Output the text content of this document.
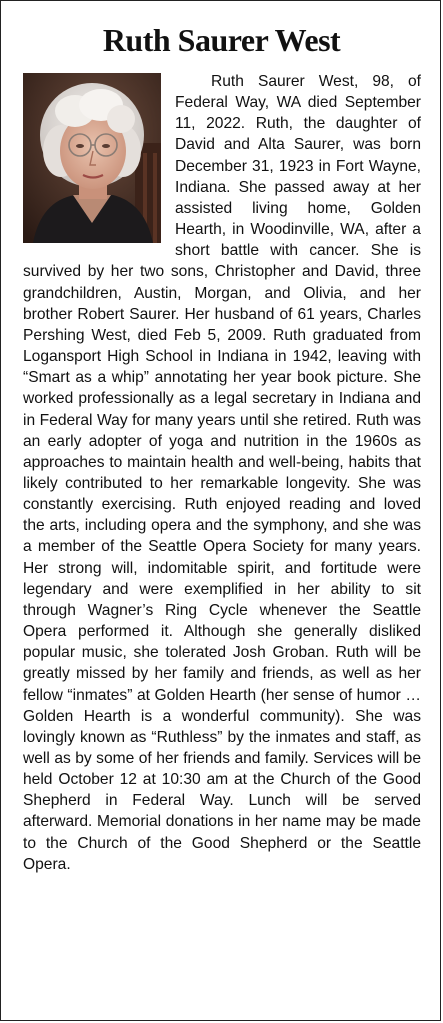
Ruth Saurer West
Ruth Saurer West, 98, of Federal Way, WA died September 11, 2022. Ruth, the daughter of David and Alta Saurer, was born December 31, 1923 in Fort Wayne, Indiana. She passed away at her assisted living home, Golden Hearth, in Woodinville, WA, after a short battle with cancer. She is survived by her two sons, Christopher and David, three grandchildren, Austin, Morgan, and Olivia, and her brother Robert Saurer. Her husband of 61 years, Charles Pershing West, died Feb 5, 2009. Ruth graduated from Logansport High School in Indiana in 1942, leaving with “Smart as a whip” annotating her year book picture. She worked professionally as a legal secretary in Indiana and in Federal Way for many years until she retired. Ruth was an early adopter of yoga and nutrition in the 1960s as approaches to maintain health and well-being, habits that likely contributed to her remarkable longevity. She was constantly exercising. Ruth enjoyed reading and loved the arts, including opera and the symphony, and she was a member of the Seattle Opera Society for many years. Her strong will, indomitable spirit, and fortitude were legendary and were exemplified in her ability to sit through Wagner’s Ring Cycle whenever the Seattle Opera performed it. Although she generally disliked popular music, she tolerated Josh Groban. Ruth will be greatly missed by her family and friends, as well as her fellow “inmates” at Golden Hearth (her sense of humor … Golden Hearth is a wonderful community). She was lovingly known as “Ruthless” by the inmates and staff, as well as by some of her friends and family. Services will be held October 12 at 10:30 am at the Church of the Good Shepherd in Federal Way. Lunch will be served afterward. Memorial donations in her name may be made to the Church of the Good Shepherd or the Seattle Opera.
